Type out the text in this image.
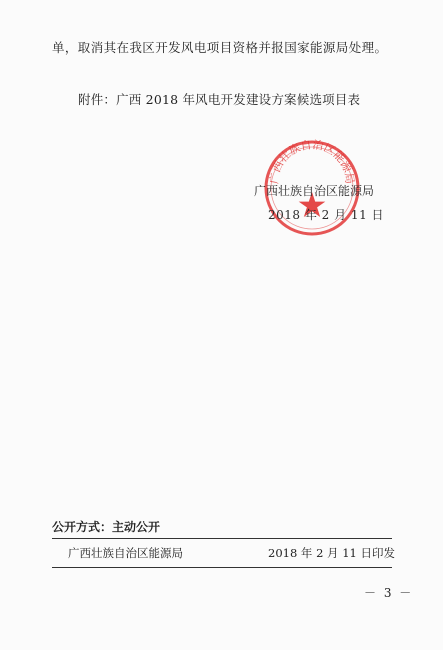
单，取消其在我区开发风电项目资格并报国家能源局处理。
附件：广西 2018 年风电开发建设方案候选项目表
广西壮族自治区能源局
广西壮族自治区能源局
2018 年 2 月 11 日
公开方式：主动公开
广西壮族自治区能源局	2018 年 2 月 11 日印发
－ 3 －
